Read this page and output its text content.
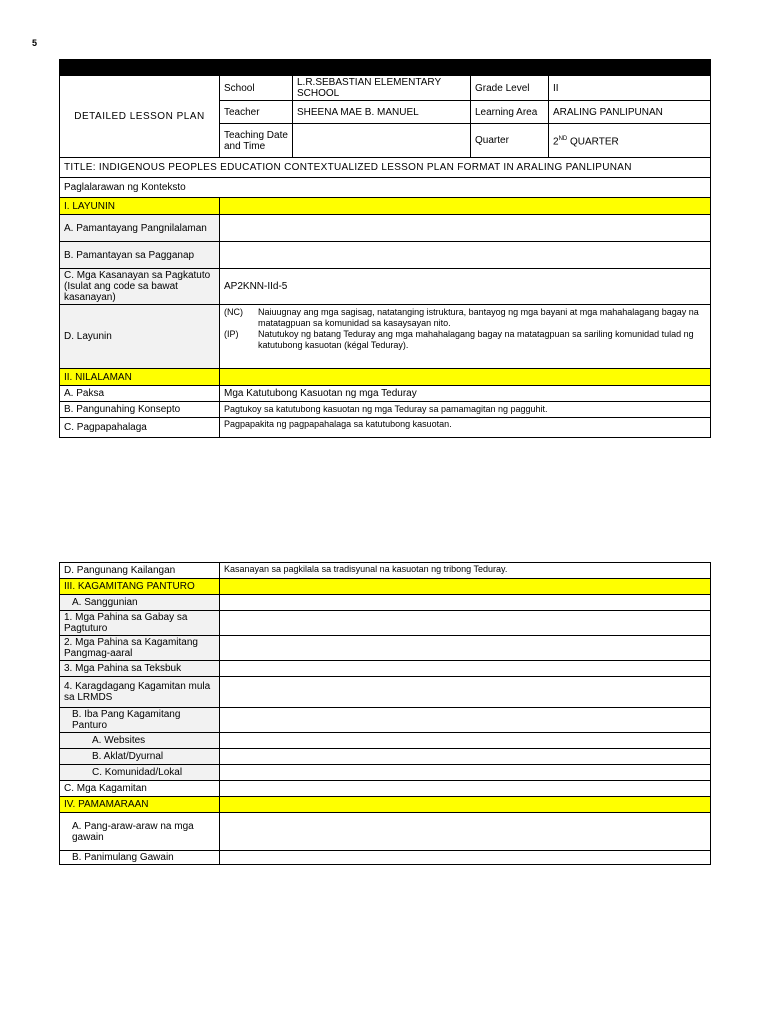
5

DETAILED LESSON PLAN	School	L.R.SEBASTIAN ELEMENTARY SCHOOL	Grade Level	II
	Teacher	SHEENA MAE B. MANUEL	Learning Area	ARALING PANLIPUNAN
	Teaching Date and Time		Quarter	2ND QUARTER
TITLE: INDIGENOUS PEOPLES EDUCATION CONTEXTUALIZED LESSON PLAN FORMAT IN ARALING PANLIPUNAN				
Paglalarawan ng Konteksto				
I. LAYUNIN				
A. Pamantayang Pangnilalaman				
B. Pamantayan sa Pagganap				
C. Mga Kasanayan sa Pagkatuto (Isulat ang code sa bawat kasanayan)	AP2KNN-IId-5			
D. Layunin	(NC) Naiuugnay ang mga sagisag, natatanging istruktura, bantayog ng mga bayani at mga mahahalagang bagay na matatagpuan sa komunidad sa kasaysayan nito.
(IP) Natutukoy ng batang Teduray ang mga mahahalagang bagay na matatagpuan sa sariling komunidad tulad ng katutubong kasuotan (kégal Teduray).			

II. NILALAMAN				
A. Paksa	Mga Katutubong Kasuotan ng mga Teduray			
B. Pangunahing Konsepto	Pagtukoy sa katutubong kasuotan ng mga Teduray sa pamamagitan ng pagguhit.			
C. Pagpapahalaga	Pagpapakita ng pagpapahalaga sa katutubong kasuotan.			
D. Pangunang Kailangan	Kasanayan sa pagkilala sa tradisyunal na kasuotan ng tribong Teduray.
III. KAGAMITANG PANTURO	
A. Sanggunian	
1. Mga Pahina sa Gabay sa Pagtuturo	
2. Mga Pahina sa Kagamitang Pangmag-aaral	
3. Mga Pahina sa Teksbuk	
4. Karagdagang Kagamitan mula sa LRMDS	
B. Iba Pang Kagamitang Panturo	
A. Websites	
B. Aklat/Dyurnal	
C. Komunidad/Lokal	
C. Mga Kagamitan	
IV. PAMAMARAAN	
A. Pang-araw-araw na mga gawain	
B. Panimulang Gawain	
